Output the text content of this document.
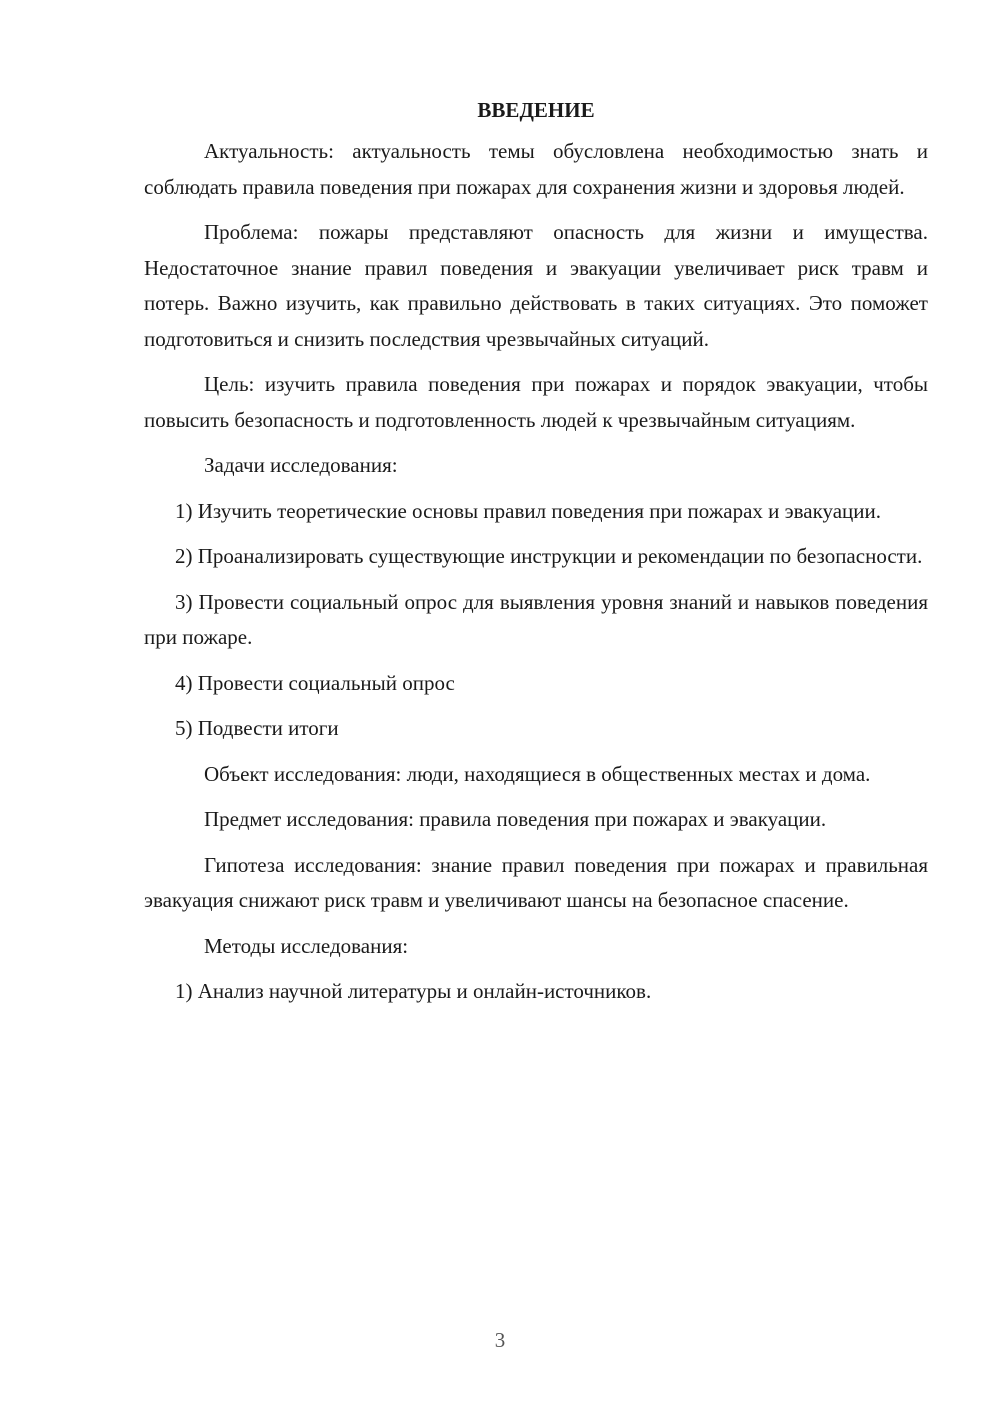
ВВЕДЕНИЕ

Актуальность: актуальность темы обусловлена необходимостью знать и соблюдать правила поведения при пожарах для сохранения жизни и здоровья людей.

Проблема: пожары представляют опасность для жизни и имущества. Недостаточное знание правил поведения и эвакуации увеличивает риск травм и потерь. Важно изучить, как правильно действовать в таких ситуациях. Это поможет подготовиться и снизить последствия чрезвычайных ситуаций.

Цель: изучить правила поведения при пожарах и порядок эвакуации, чтобы повысить безопасность и подготовленность людей к чрезвычайным ситуациям.

Задачи исследования:

1) Изучить теоретические основы правил поведения при пожарах и эвакуации.

2) Проанализировать существующие инструкции и рекомендации по безопасности.

3) Провести социальный опрос для выявления уровня знаний и навыков поведения при пожаре.

4) Провести социальный опрос

5) Подвести итоги

Объект исследования: люди, находящиеся в общественных местах и дома.

Предмет исследования: правила поведения при пожарах и эвакуации.

Гипотеза исследования: знание правил поведения при пожарах и правильная эвакуация снижают риск травм и увеличивают шансы на безопасное спасение.

Методы исследования:

1) Анализ научной литературы и онлайн-источников.

3
